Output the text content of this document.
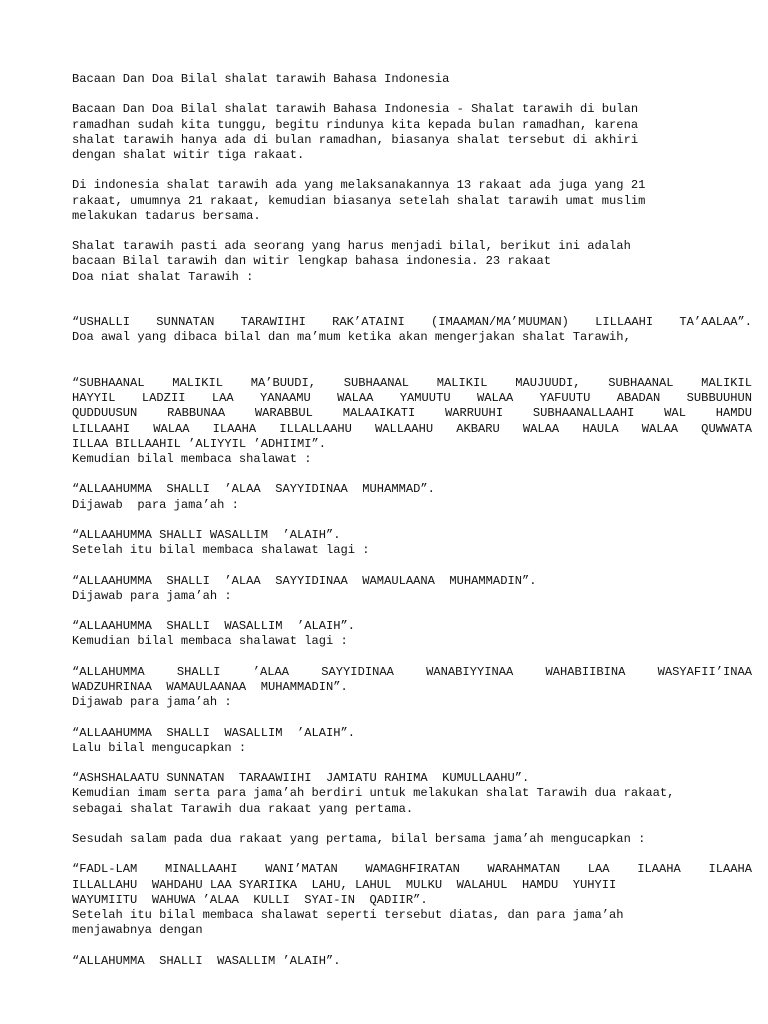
Bacaan Dan Doa Bilal shalat tarawih Bahasa Indonesia
Bacaan Dan Doa Bilal shalat tarawih Bahasa Indonesia - Shalat tarawih di bulan
ramadhan sudah kita tunggu, begitu rindunya kita kepada bulan ramadhan, karena
shalat tarawih hanya ada di bulan ramadhan, biasanya shalat tersebut di akhiri
dengan shalat witir tiga rakaat.
Di indonesia shalat tarawih ada yang melaksanakannya 13 rakaat ada juga yang 21
rakaat, umumnya 21 rakaat, kemudian biasanya setelah shalat tarawih umat muslim
melakukan tadarus bersama.
Shalat tarawih pasti ada seorang yang harus menjadi bilal, berikut ini adalah
bacaan Bilal tarawih dan witir lengkap bahasa indonesia. 23 rakaat
Doa niat shalat Tarawih :
“USHALLI SUNNATAN TARAWIIHI RAK’ATAINI (IMAAMAN/MA’MUUMAN) LILLAAHI TA’AALAA”.
Doa awal yang dibaca bilal dan ma’mum ketika akan mengerjakan shalat Tarawih,
“SUBHAANAL MALIKIL MA’BUUDI, SUBHAANAL MALIKIL MAUJUUDI, SUBHAANAL MALIKIL
HAYYIL LADZII LAA YANAAMU WALAA YAMUUTU WALAA YAFUUTU ABADAN SUBBUUHUN
QUDDUUSUN RABBUNAA WARABBUL MALAAIKATI WARRUUHI SUBHAANALLAAHI WAL HAMDU
LILLAAHI WALAA ILAAHA ILLALLAAHU WALLAAHU AKBARU WALAA HAULA WALAA QUWWATA
ILLAA BILLAAHIL ’ALIYYIL ’ADHIIMI”.
Kemudian bilal membaca shalawat :
“ALLAAHUMMA  SHALLI  ’ALAA  SAYYIDINAA  MUHAMMAD”.
Dijawab  para jama’ah :
“ALLAAHUMMA SHALLI WASALLIM  ’ALAIH”.
Setelah itu bilal membaca shalawat lagi :
“ALLAAHUMMA  SHALLI  ’ALAA  SAYYIDINAA  WAMAULAANA  MUHAMMADIN”.
Dijawab para jama’ah :
“ALLAAHUMMA  SHALLI  WASALLIM  ’ALAIH”.
Kemudian bilal membaca shalawat lagi :
“ALLAHUMMA SHALLI ’ALAA SAYYIDINAA WANABIYYINAA WAHABIIBINA WASYAFII’INAA
WADZUHRINAA  WAMAULAANAA  MUHAMMADIN”.
Dijawab para jama’ah :
“ALLAAHUMMA  SHALLI  WASALLIM  ’ALAIH”.
Lalu bilal mengucapkan :
“ASHSHALAATU SUNNATAN  TARAAWIIHI  JAMIATU RAHIMA  KUMULLAAHU”.
Kemudian imam serta para jama’ah berdiri untuk melakukan shalat Tarawih dua rakaat,
sebagai shalat Tarawih dua rakaat yang pertama.
Sesudah salam pada dua rakaat yang pertama, bilal bersama jama’ah mengucapkan :
“FADL-LAM MINALLAAHI WANI’MATAN WAMAGHFIRATAN WARAHMATAN LAA ILAAHA ILAAHA
ILLALLAHU  WAHDAHU LAA SYARIIKA  LAHU, LAHUL  MULKU  WALAHUL  HAMDU  YUHYII
WAYUMIITU  WAHUWA ’ALAA  KULLI  SYAI-IN  QADIIR”.
Setelah itu bilal membaca shalawat seperti tersebut diatas, dan para jama’ah
menjawabnya dengan
“ALLAHUMMA  SHALLI  WASALLIM ’ALAIH”.
